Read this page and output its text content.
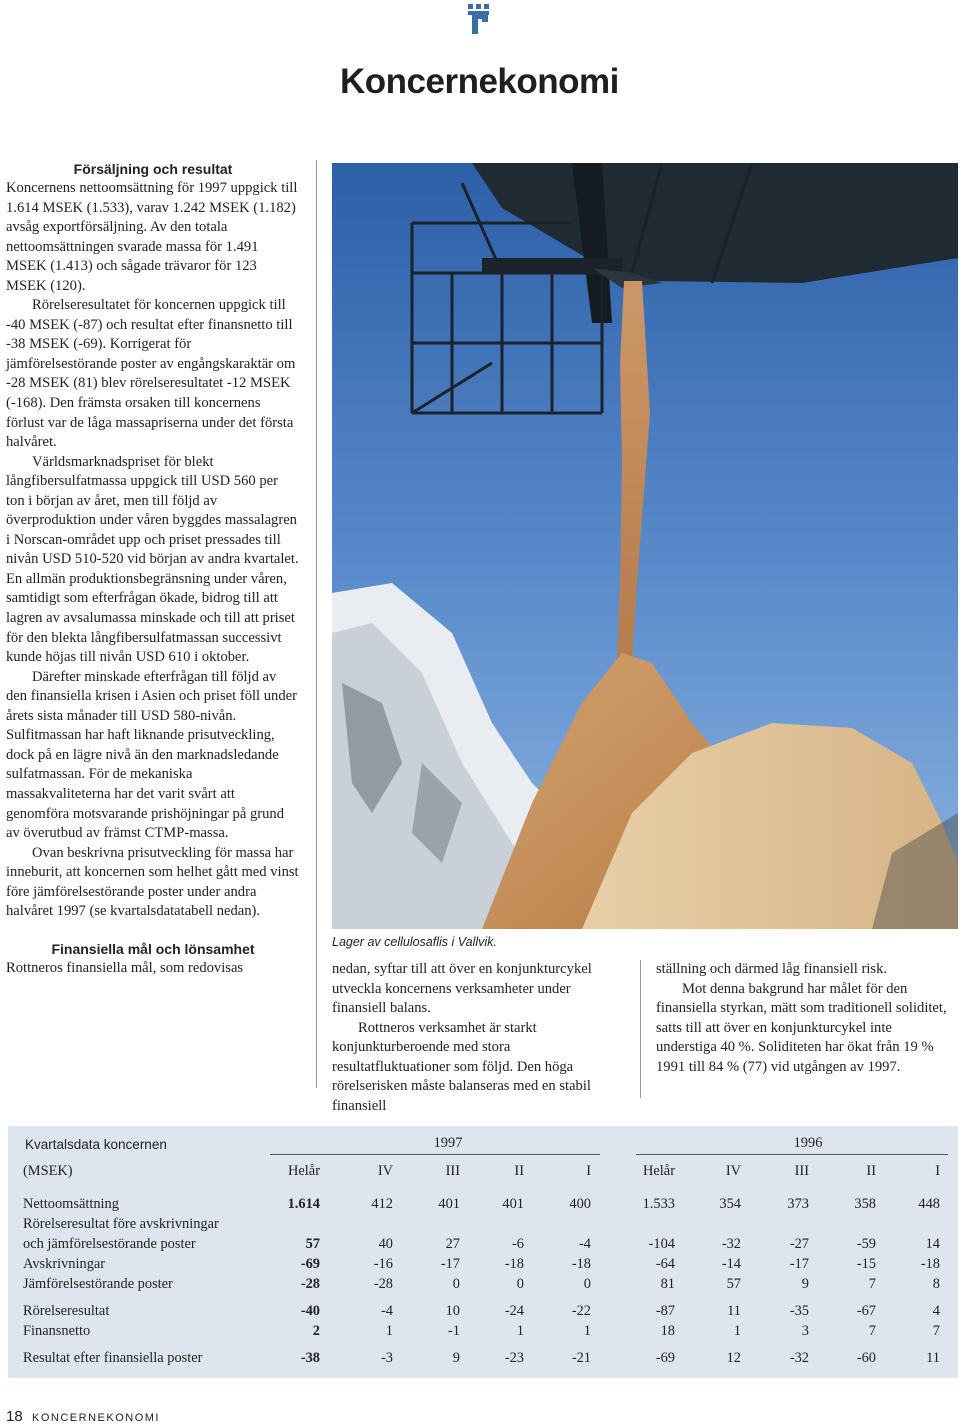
Koncernekonomi
Försäljning och resultat

Koncernens nettoomsättning för 1997 uppgick till 1.614 MSEK (1.533), varav 1.242 MSEK (1.182) avsåg exportförsäljning. Av den totala nettoomsättningen svarade massa för 1.491 MSEK (1.413) och sågade trävaror för 123 MSEK (120).

Rörelseresultatet för koncernen uppgick till -40 MSEK (-87) och resultat efter finansnetto till -38 MSEK (-69). Korrigerat för jämförelsestörande poster av engångskaraktär om -28 MSEK (81) blev rörelseresultatet -12 MSEK (-168). Den främsta orsaken till koncernens förlust var de låga massapriserna under det första halvåret.

Världsmarknadspriset för blekt långfibersulfatmassa uppgick till USD 560 per ton i början av året, men till följd av överproduktion under våren byggdes massalagren i Norscan-området upp och priset pressades till nivån USD 510-520 vid början av andra kvartalet. En allmän produktionsbegränsning under våren, samtidigt som efterfrågan ökade, bidrog till att lagren av avsalumassa minskade och till att priset för den blekta långfibersulfatmassan successivt kunde höjas till nivån USD 610 i oktober.

Därefter minskade efterfrågan till följd av den finansiella krisen i Asien och priset föll under årets sista månader till USD 580-nivån. Sulfitmassan har haft liknande prisutveckling, dock på en lägre nivå än den marknadsledande sulfatmassan. För de mekaniska massakvaliteterna har det varit svårt att genomföra motsvarande prishöjningar på grund av överutbud av främst CTMP-massa.

Ovan beskrivna prisutveckling för massa har inneburit, att koncernen som helhet gått med vinst före jämförelsestörande poster under andra halvåret 1997 (se kvartalsdatatabell nedan).

Finansiella mål och lönsamhet

Rottneros finansiella mål, som redovisas

Lager av cellulosaflis i Vallvik.

nedan, syftar till att över en konjunkturcykel utveckla koncernens verksamheter under finansiell balans.

Rottneros verksamhet är starkt konjunkturberoende med stora resultatfluktuationer som följd. Den höga rörelserisken måste balanseras med en stabil finansiell

ställning och därmed låg finansiell risk.

Mot denna bakgrund har målet för den finansiella styrkan, mätt som traditionell soliditet, satts till att över en konjunkturcykel inte understiga 40 %. Soliditeten har ökat från 19 % 1991 till 84 % (77) vid utgången av 1997.

Kvartalsdata koncernen	1997	1996
(MSEK)	Helår	IV	III	II	I	Helår	IV	III	II	I
Nettoomsättning	1.614	412	401	401	400	1.533	354	373	358	448
Rörelseresultat före avskrivningar
och jämförelsestörande poster	57	40	27	-6	-4	-104	-32	-27	-59	14
Avskrivningar	-69	-16	-17	-18	-18	-64	-14	-17	-15	-18
Jämförelsestörande poster	-28	-28	0	0	0	81	57	9	7	8
Rörelseresultat	-40	-4	10	-24	-22	-87	11	-35	-67	4
Finansnetto	2	1	-1	1	1	18	1	3	7	7
Resultat efter finansiella poster	-38	-3	9	-23	-21	-69	12	-32	-60	11
18 KONCERNEKONOMI
